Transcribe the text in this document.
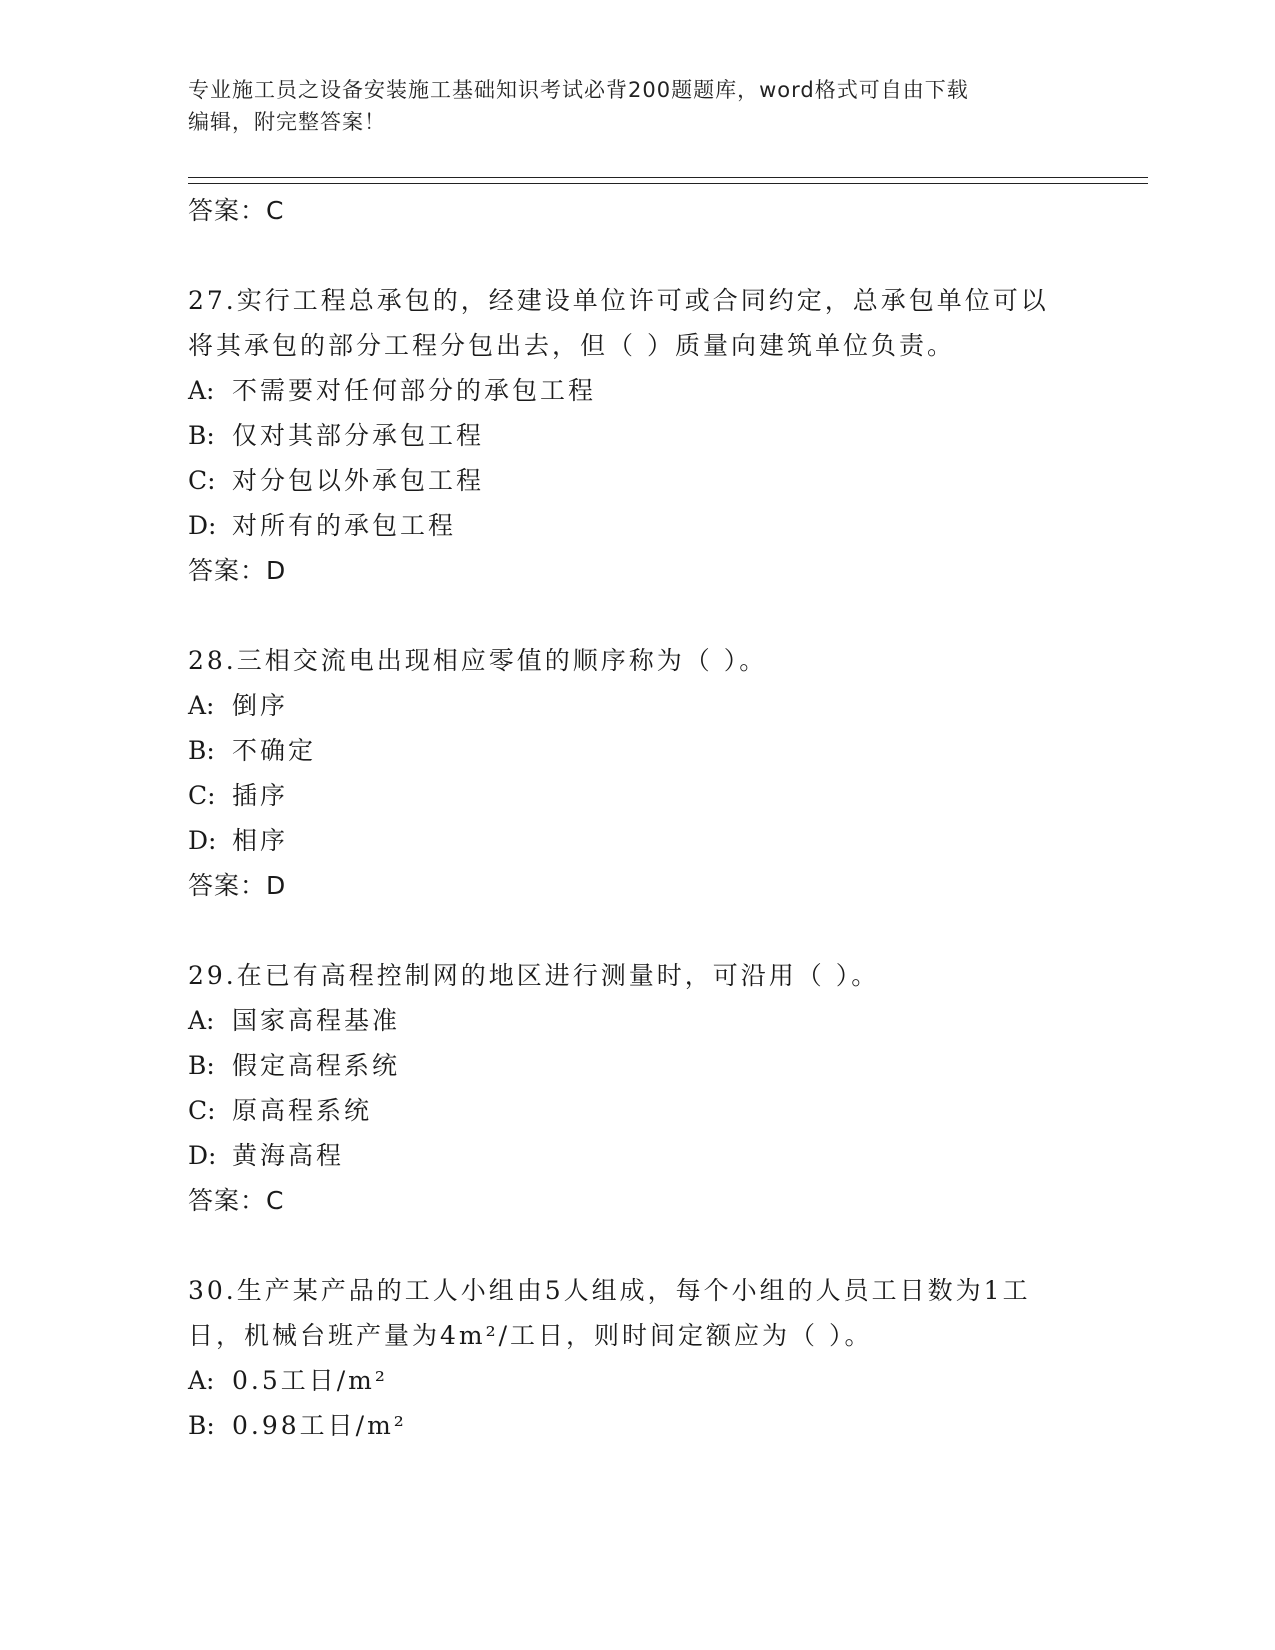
专业施工员之设备安装施工基础知识考试必背200题题库，word格式可自由下载
编辑，附完整答案！
答案：C
27.实行工程总承包的，经建设单位许可或合同约定，总承包单位可以
将其承包的部分工程分包出去，但（ ）质量向建筑单位负责。
A: 不需要对任何部分的承包工程
B: 仅对其部分承包工程
C: 对分包以外承包工程
D: 对所有的承包工程
答案：D
28.三相交流电出现相应零值的顺序称为（ ）。
A: 倒序
B: 不确定
C: 插序
D: 相序
答案：D
29.在已有高程控制网的地区进行测量时，可沿用（ ）。
A: 国家高程基准
B: 假定高程系统
C: 原高程系统
D: 黄海高程
答案：C
30.生产某产品的工人小组由5人组成，每个小组的人员工日数为1工
日，机械台班产量为4m²/工日，则时间定额应为（ ）。
A: 0.5工日/m²
B: 0.98工日/m²
